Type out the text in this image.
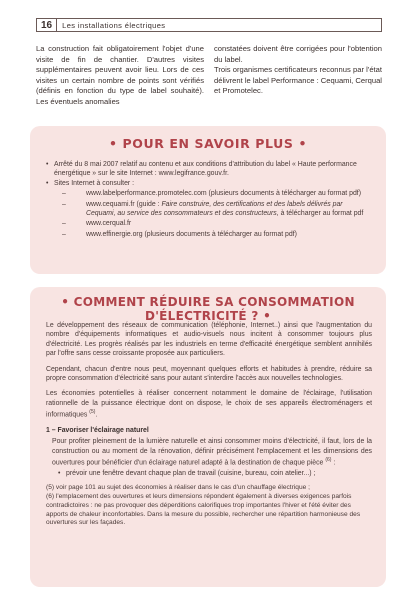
16	Les installations électriques

La construction fait obligatoirement l'objet d'une visite de fin de chantier. D'autres visites supplémentaires peuvent avoir lieu. Lors de ces visites un certain nombre de points sont vérifiés (définis en fonction du type de label souhaité). Les éventuels anomalies

constatées doivent être corrigées pour l'obtention du label.

Trois organismes certificateurs reconnus par l'état délivrent le label Performance : Cequami, Cerqual et Promotelec.

• POUR EN SAVOIR PLUS •
• Arrêté du 8 mai 2007 relatif au contenu et aux conditions d'attribution du label « Haute performance énergétique » sur le site Internet : www.legifrance.gouv.fr.
• Sites Internet à consulter :
–	www.labelperformance.promotelec.com (plusieurs documents à télécharger au format pdf)
–	www.cequami.fr (guide : Faire construire, des certifications et des labels délivrés par Cequami, au service des consommateurs et des constructeurs, à télécharger au format pdf
–	www.cerqual.fr
–	www.effinergie.org (plusieurs documents à télécharger au format pdf)
• COMMENT RÉDUIRE SA CONSOMMATION D'ÉLECTRICITÉ ? •

Le développement des réseaux de communication (téléphonie, Internet..) ainsi que l'augmentation du nombre d'équipements informatiques et audio-visuels nous incitent à consommer toujours plus d'électricité. Les progrès réalisés par les industriels en terme d'efficacité énergétique semblent annihilés par l'offre sans cesse croissante proposée aux particuliers.

Cependant, chacun d'entre nous peut, moyennant quelques efforts et habitudes à prendre, réduire sa propre consommation d'électricité sans pour autant s'interdire l'accès aux nouvelles technologies.

Les économies potentielles à réaliser concernent notamment le domaine de l'éclairage, l'utilisation rationnelle de la puissance électrique dont on dispose, le choix de ses appareils électroménagers et informatiques $^{(5)}$.

1 – Favoriser l'éclairage naturel

Pour profiter pleinement de la lumière naturelle et ainsi consommer moins d'électricité, il faut, lors de la construction ou au moment de la rénovation, définir précisément l'emplacement et les dimensions des ouvertures pour bénéficier d'un éclairage naturel adapté à la destination de chaque pièce $^{(6)}$ :

• prévoir une fenêtre devant chaque plan de travail (cuisine, bureau, coin atelier...) ;

(5) voir page 101 au sujet des économies à réaliser dans le cas d'un chauffage électrique ;

(6) l'emplacement des ouvertures et leurs dimensions répondent également à diverses exigences parfois contradictoires : ne pas provoquer des déperditions calorifiques trop importantes l'hiver et l'été éviter des apports de chaleur inconfortables. Dans la mesure du possible, rechercher une répartition harmonieuse des ouvertures sur les façades.
